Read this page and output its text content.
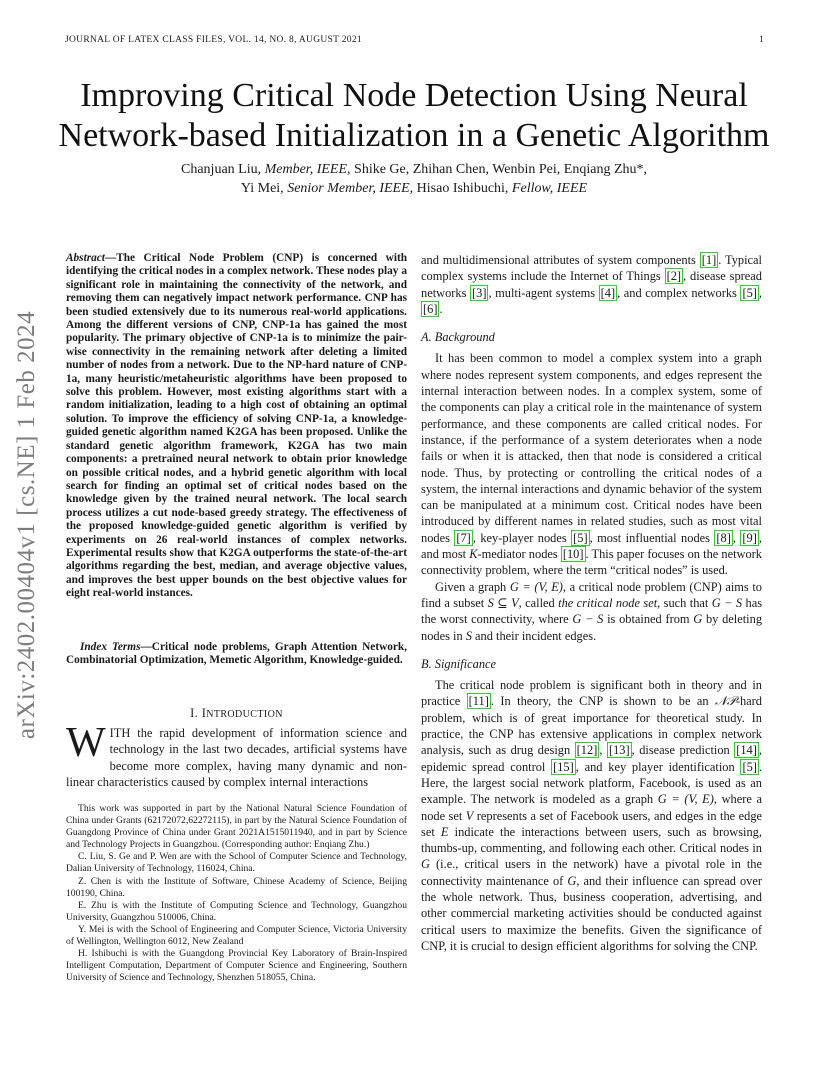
JOURNAL OF LATEX CLASS FILES, VOL. 14, NO. 8, AUGUST 2021	1
Improving Critical Node Detection Using Neural
Network-based Initialization in a Genetic Algorithm
Chanjuan Liu, Member, IEEE, Shike Ge, Zhihan Chen, Wenbin Pei, Enqiang Zhu*,
Yi Mei, Senior Member, IEEE, Hisao Ishibuchi, Fellow, IEEE
arXiv:2402.00404v1 [cs.NE] 1 Feb 2024
Abstract—The Critical Node Problem (CNP) is concerned with identifying the critical nodes in a complex network. These nodes play a significant role in maintaining the connectivity of the network, and removing them can negatively impact network performance. CNP has been studied extensively due to its numerous real-world applications. Among the different versions of CNP, CNP-1a has gained the most popularity. The primary objective of CNP-1a is to minimize the pair-wise connectivity in the remaining network after deleting a limited number of nodes from a network. Due to the NP-hard nature of CNP-1a, many heuristic/metaheuristic algorithms have been proposed to solve this problem. However, most existing algorithms start with a random initialization, leading to a high cost of obtaining an optimal solution. To improve the efficiency of solving CNP-1a, a knowledge-guided genetic algorithm named K2GA has been proposed. Unlike the standard genetic algorithm framework, K2GA has two main components: a pretrained neural network to obtain prior knowledge on possible critical nodes, and a hybrid genetic algorithm with local search for finding an optimal set of critical nodes based on the knowledge given by the trained neural network. The local search process utilizes a cut node-based greedy strategy. The effectiveness of the proposed knowledge-guided genetic algorithm is verified by experiments on 26 real-world instances of complex networks. Experimental results show that K2GA outperforms the state-of-the-art algorithms regarding the best, median, and average objective values, and improves the best upper bounds on the best objective values for eight real-world instances.
Index Terms—Critical node problems, Graph Attention Network, Combinatorial Optimization, Memetic Algorithm, Knowledge-guided.
I. INTRODUCTION
WITH the rapid development of information science and technology in the last two decades, artificial systems have become more complex, having many dynamic and non-linear characteristics caused by complex internal interactions

This work was supported in part by the National Natural Science Foundation of China under Grants (62172072,62272115), in part by the Natural Science Foundation of Guangdong Province of China under Grant 2021A1515011940, and in part by Science and Technology Projects in Guangzhou. (Corresponding author: Enqiang Zhu.)

C. Liu, S. Ge and P. Wen are with the School of Computer Science and Technology, Dalian University of Technology, 116024, China.

Z. Chen is with the Institute of Software, Chinese Academy of Science, Beijing 100190, China.

E. Zhu is with the Institute of Computing Science and Technology, Guangzhou University, Guangzhou 510006, China.

Y. Mei is with the School of Engineering and Computer Science, Victoria University of Wellington, Wellington 6012, New Zealand

H. Ishibuchi is with the Guangdong Provincial Key Laboratory of Brain-Inspired Intelligent Computation, Department of Computer Science and Engineering, Southern University of Science and Technology, Shenzhen 518055, China.

and multidimensional attributes of system components [1] . Typical complex systems include the Internet of Things [2] , disease spread networks [3] , multi-agent systems [4] , and complex networks [5] , [6] .

A. Background

It has been common to model a complex system into a graph where nodes represent system components, and edges represent the internal interaction between nodes. In a complex system, some of the components can play a critical role in the maintenance of system performance, and these components are called critical nodes. For instance, if the performance of a system deteriorates when a node fails or when it is attacked, then that node is considered a critical node. Thus, by protecting or controlling the critical nodes of a system, the internal interactions and dynamic behavior of the system can be manipulated at a minimum cost. Critical nodes have been introduced by different names in related studies, such as most vital nodes [7] , key-player nodes [5] , most influential nodes [8] , [9] , and most K-mediator nodes [10] . This paper focuses on the network connectivity problem, where the term “critical nodes” is used.

Given a graph G = (V, E), a critical node problem (CNP) aims to find a subset S ⊆ V, called the critical node set, such that G − S has the worst connectivity, where G − S is obtained from G by deleting nodes in S and their incident edges.

B. Significance

The critical node problem is significant both in theory and in practice [11] . In theory, the CNP is shown to be an 𝒩𝒫-hard problem, which is of great importance for theoretical study. In practice, the CNP has extensive applications in complex network analysis, such as drug design [12] , [13] , disease prediction [14] , epidemic spread control [15] , and key player identification [5] . Here, the largest social network platform, Facebook, is used as an example. The network is modeled as a graph G = (V, E), where a node set V represents a set of Facebook users, and edges in the edge set E indicate the interactions between users, such as browsing, thumbs-up, commenting, and following each other. Critical nodes in G (i.e., critical users in the network) have a pivotal role in the connectivity maintenance of G, and their influence can spread over the whole network. Thus, business cooperation, advertising, and other commercial marketing activities should be conducted against critical users to maximize the benefits. Given the significance of CNP, it is crucial to design efficient algorithms for solving the CNP.
